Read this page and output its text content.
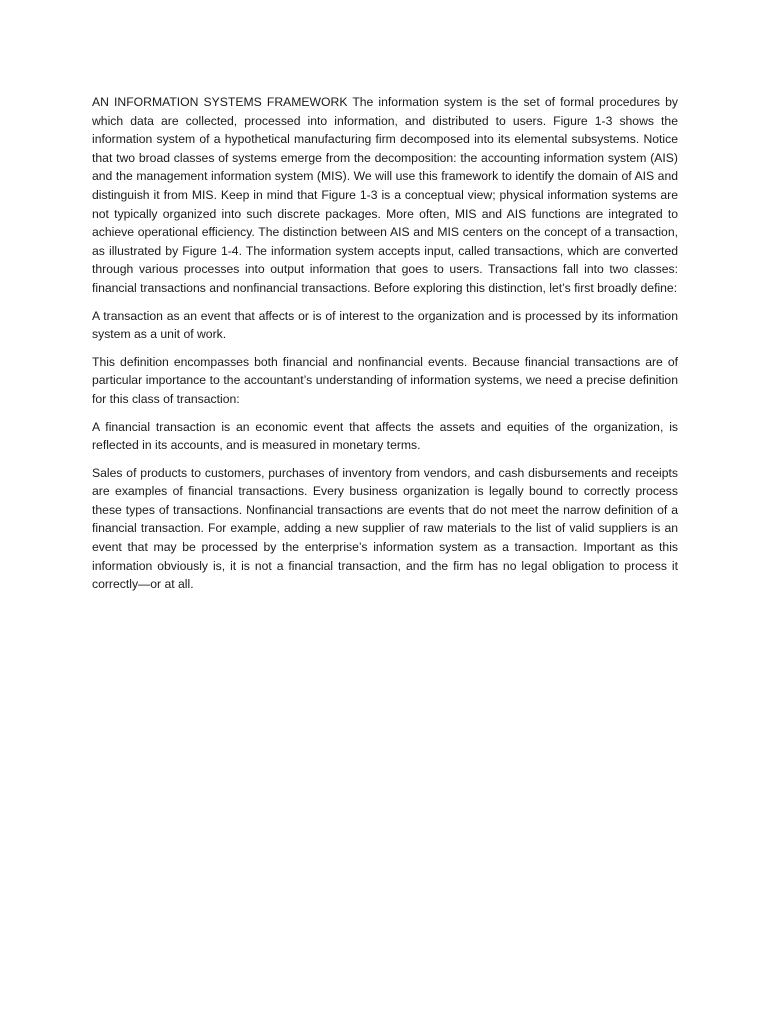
AN INFORMATION SYSTEMS FRAMEWORK The information system is the set of formal procedures by which data are collected, processed into information, and distributed to users. Figure 1-3 shows the information system of a hypothetical manufacturing firm decomposed into its elemental subsystems. Notice that two broad classes of systems emerge from the decomposition: the accounting information system (AIS) and the management information system (MIS). We will use this framework to identify the domain of AIS and distinguish it from MIS. Keep in mind that Figure 1-3 is a conceptual view; physical information systems are not typically organized into such discrete packages. More often, MIS and AIS functions are integrated to achieve operational efficiency. The distinction between AIS and MIS centers on the concept of a transaction, as illustrated by Figure 1-4. The information system accepts input, called transactions, which are converted through various processes into output information that goes to users. Transactions fall into two classes: financial transactions and nonfinancial transactions. Before exploring this distinction, let’s first broadly define:

A transaction as an event that affects or is of interest to the organization and is processed by its information system as a unit of work.

This definition encompasses both financial and nonfinancial events. Because financial transactions are of particular importance to the accountant’s understanding of information systems, we need a precise definition for this class of transaction:

A financial transaction is an economic event that affects the assets and equities of the organization, is reflected in its accounts, and is measured in monetary terms.

Sales of products to customers, purchases of inventory from vendors, and cash disbursements and receipts are examples of financial transactions. Every business organization is legally bound to correctly process these types of transactions. Nonfinancial transactions are events that do not meet the narrow definition of a financial transaction. For example, adding a new supplier of raw materials to the list of valid suppliers is an event that may be processed by the enterprise’s information system as a transaction. Important as this information obviously is, it is not a financial transaction, and the firm has no legal obligation to process it correctly—or at all.
